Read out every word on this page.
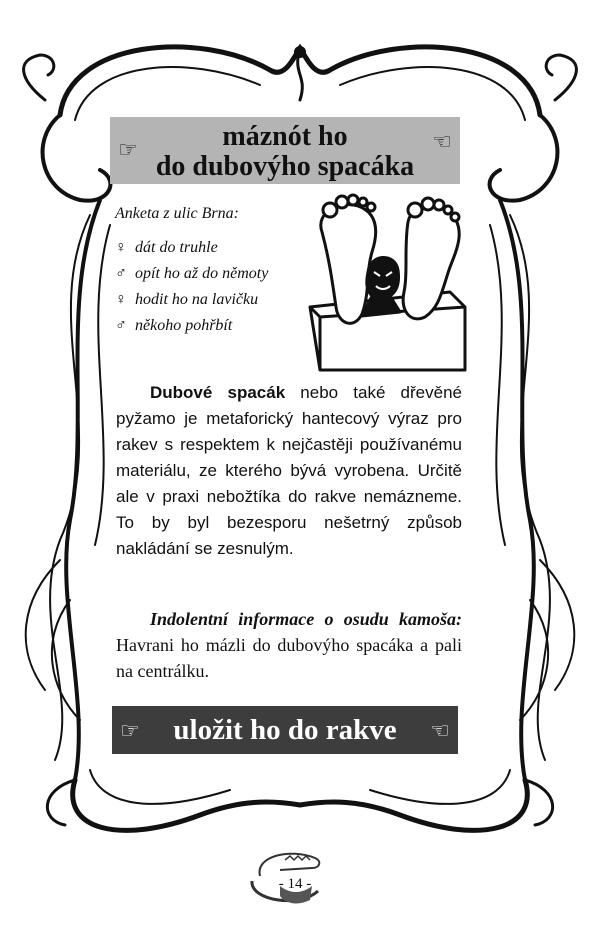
☞	☜
máznót ho
do dubovýho spacáka
Anketa z ulic Brna:
♀ dát do truhle
♂ opít ho až do němoty
♀ hodit ho na lavičku
♂ někoho pohřbít

Dubové spacák nebo také dřevěné pyžamo je metaforický hantecový výraz pro rakev s respektem k nejčastěji používanému materiálu, ze kterého bývá vyrobena. Určitě ale v praxi nebožtíka do rakve nemázneme. To by byl bezesporu nešetrný způsob nakládání se zesnulým.

Indolentní informace o osudu kamoša: Havrani ho mázli do dubovýho spacáka a pali na centrálku.
☞	☜
uložit ho do rakve
- 14 -
